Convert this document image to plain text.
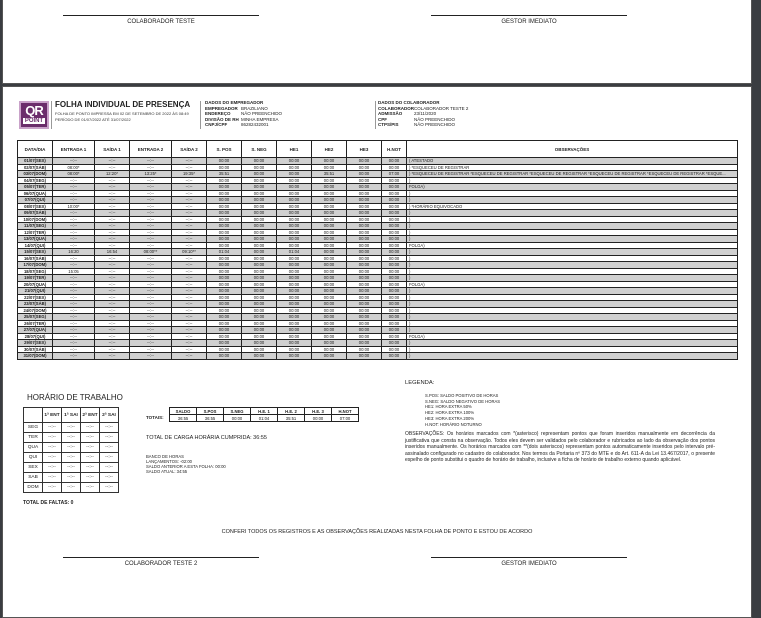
COLABORADOR TESTE	GESTOR IMEDIATO
QR
POINT
FOLHA INDIVIDUAL DE PRESENÇA
FOLHA DE PONTO IMPRESSA EM 02 DE SETEMBRO DE 2022 ÀS 08:49
PERÍODO DE 01/07/2022 ATÉ 31/07/2022
DADOS DO EMPREGADOR
EMPREGADOR BRAZILIANO
ENDEREÇO NÃO PREENCHIDO
DIVISÃO DE RH MINHA EMPRESA
CNPJ/CPF	86282432001
DADOS DO COLABORADOR
COLABORADORCOLABORADOR TESTE 2
ADMISSÃO	23/11/2020
CPF	NÃO PREENCHIDO
CTPS/PIS	NÃO PREENCHIDO
DATA/DIA	ENTRADA 1	SAÍDA 1	ENTRADA 2	SAÍDA 2	S. POS	S. NEG	HE1	HE2	HE3	H.NOT	OBSERVAÇÕES
01/07(SEX)	--:--	--:--	--:--	--:--	00:00	00:00	00:00	00:00	00:00	00:00	( ATESTADO
02/07(SÁB)	08:00*	--:--	--:--	--:--	00:00	00:00	00:00	00:00	00:00	00:00	) *ESQUECEU DE REGISTRAR
03/07(DOM)	08:00*	12:20*	13:25*	19:35*	35:51	00:00	00:00	35:51	00:00	07:00	) *ESQUECEU DE REGISTRAR *ESQUECEU DE REGISTRAR *ESQUECEU DE REGISTRAR *ESQUECEU DE REGISTRAR *ESQUECEU DE REGISTRAR *ESQUE...
04/07(SEG)	--:--	--:--	--:--	--:--	00:00	00:00	00:00	00:00	00:00	00:00	)
05/07(TER)	--:--	--:--	--:--	--:--	00:00	00:00	00:00	00:00	00:00	00:00	FOLGA)
06/07(QUA)	--:--	--:--	--:--	--:--	00:00	00:00	00:00	00:00	00:00	00:00	)
07/07(QUI)	--:--	--:--	--:--	--:--	00:00	00:00	00:00	00:00	00:00	00:00	)
08/07(SEX)	10:00*	--:--	--:--	--:--	00:00	00:00	00:00	00:00	00:00	00:00	) *HORÁRIO EQUIVOCADO
09/07(SÁB)	--:--	--:--	--:--	--:--	00:00	00:00	00:00	00:00	00:00	00:00	)
10/07(DOM)	--:--	--:--	--:--	--:--	00:00	00:00	00:00	00:00	00:00	00:00	)
11/07(SEG)	--:--	--:--	--:--	--:--	00:00	00:00	00:00	00:00	00:00	00:00	)
12/07(TER)	--:--	--:--	--:--	--:--	00:00	00:00	00:00	00:00	00:00	00:00	)
13/07(QUA)	--:--	--:--	--:--	--:--	00:00	00:00	00:00	00:00	00:00	00:00	)
14/07(QUI)	--:--	--:--	--:--	--:--	00:00	00:00	00:00	00:00	00:00	00:00	FOLGA)
15/07(SEX)	16:20	16:54	08:00**	09:10**	01:04	00:00	01:04	00:00	00:00	00:00	)
16/07(SÁB)	--:--	--:--	--:--	--:--	00:00	00:00	00:00	00:00	00:00	00:00	)
17/07(DOM)	--:--	--:--	--:--	--:--	00:00	00:00	00:00	00:00	00:00	00:00	)
18/07(SEG)	15:05	--:--	--:--	--:--	00:00	00:00	00:00	00:00	00:00	00:00	)
19/07(TER)	--:--	--:--	--:--	--:--	00:00	00:00	00:00	00:00	00:00	00:00	)
20/07(QUA)	--:--	--:--	--:--	--:--	00:00	00:00	00:00	00:00	00:00	00:00	FOLGA)
21/07(QUI)	--:--	--:--	--:--	--:--	00:00	00:00	00:00	00:00	00:00	00:00	)
22/07(SEX)	--:--	--:--	--:--	--:--	00:00	00:00	00:00	00:00	00:00	00:00	)
23/07(SÁB)	--:--	--:--	--:--	--:--	00:00	00:00	00:00	00:00	00:00	00:00	)
24/07(DOM)	--:--	--:--	--:--	--:--	00:00	00:00	00:00	00:00	00:00	00:00	)
25/07(SEG)	--:--	--:--	--:--	--:--	00:00	00:00	00:00	00:00	00:00	00:00	)
26/07(TER)	--:--	--:--	--:--	--:--	00:00	00:00	00:00	00:00	00:00	00:00	)
27/07(QUA)	--:--	--:--	--:--	--:--	00:00	00:00	00:00	00:00	00:00	00:00	)
28/07(QUI)	--:--	--:--	--:--	--:--	00:00	00:00	00:00	00:00	00:00	00:00	FOLGA)
29/07(SEX)	--:--	--:--	--:--	--:--	00:00	00:00	00:00	00:00	00:00	00:00	)
30/07(SÁB)	--:--	--:--	--:--	--:--	00:00	00:00	00:00	00:00	00:00	00:00	)
31/07(DOM)	--:--	--:--	--:--	--:--	00:00	00:00	00:00	00:00	00:00	00:00	)
HORÁRIO DE TRABALHO
	1ª ENT	1ª SAI	2ª ENT	2ª SAI
SEG	--:--	--:--	--:--	--:--
TER	--:--	--:--	--:--	--:--
QUA	--:--	--:--	--:--	--:--
QUI	--:--	--:--	--:--	--:--
SEX	--:--	--:--	--:--	--:--
SAB	--:--	--:--	--:--	--:--
DOM	--:--	--:--	--:--	--:--
TOTAL DE FALTAS: 0
TOTAIS:
SALDO	S.POS	S.NEG	H.E. 1	H.E. 2	H.E. 3	H.NOT
36:55	36:55	00:00	01:04	35:51	00:00	07:00
TOTAL DE CARGA HORÁRIA CUMPRIDA: 36:55
BANCO DE HORAS
LANÇAMENTOS: -02:00
SALDO ANTERIOR A ESTA FOLHA: 00:00
SALDO ATUAL: 34:55
LEGENDA:
S.POS: SALDO POSITIVO DE HORAS
S.NEG: SALDO NEGATIVO DE HORAS
HE1: HORA EXTRA 50%
HE2: HORA EXTRA 100%
HE3: HORA EXTRA 200%
H.NOT: HORÁRIO NOTURNO
OBSERVAÇÕES: Os horários marcados com *(asterisco) representam pontos que foram inseridos manualmente em decorrência da justificativa que consta na observação. Todos eles devem ser validados pelo colaborador e rubricados ao lado da observação dos pontos inseridos manualmente. Os horários marcados com **(dois asteriscos) representam pontos automaticamente inseridos pelo intervalo pré-assinalado configurado no cadastro do colaborador. Nos termos da Portaria nº 373 do MTE e do Art. 611-A da Lei 13.467/2017, o presente espelho de ponto substitui o quadro de horário de trabalho, inclusive a ficha de horário de trabalho externo quando aplicável.
CONFERI TODOS OS REGISTROS E AS OBSERVAÇÕES REALIZADAS NESTA FOLHA DE PONTO E ESTOU DE ACORDO
COLABORADOR TESTE 2	GESTOR IMEDIATO
